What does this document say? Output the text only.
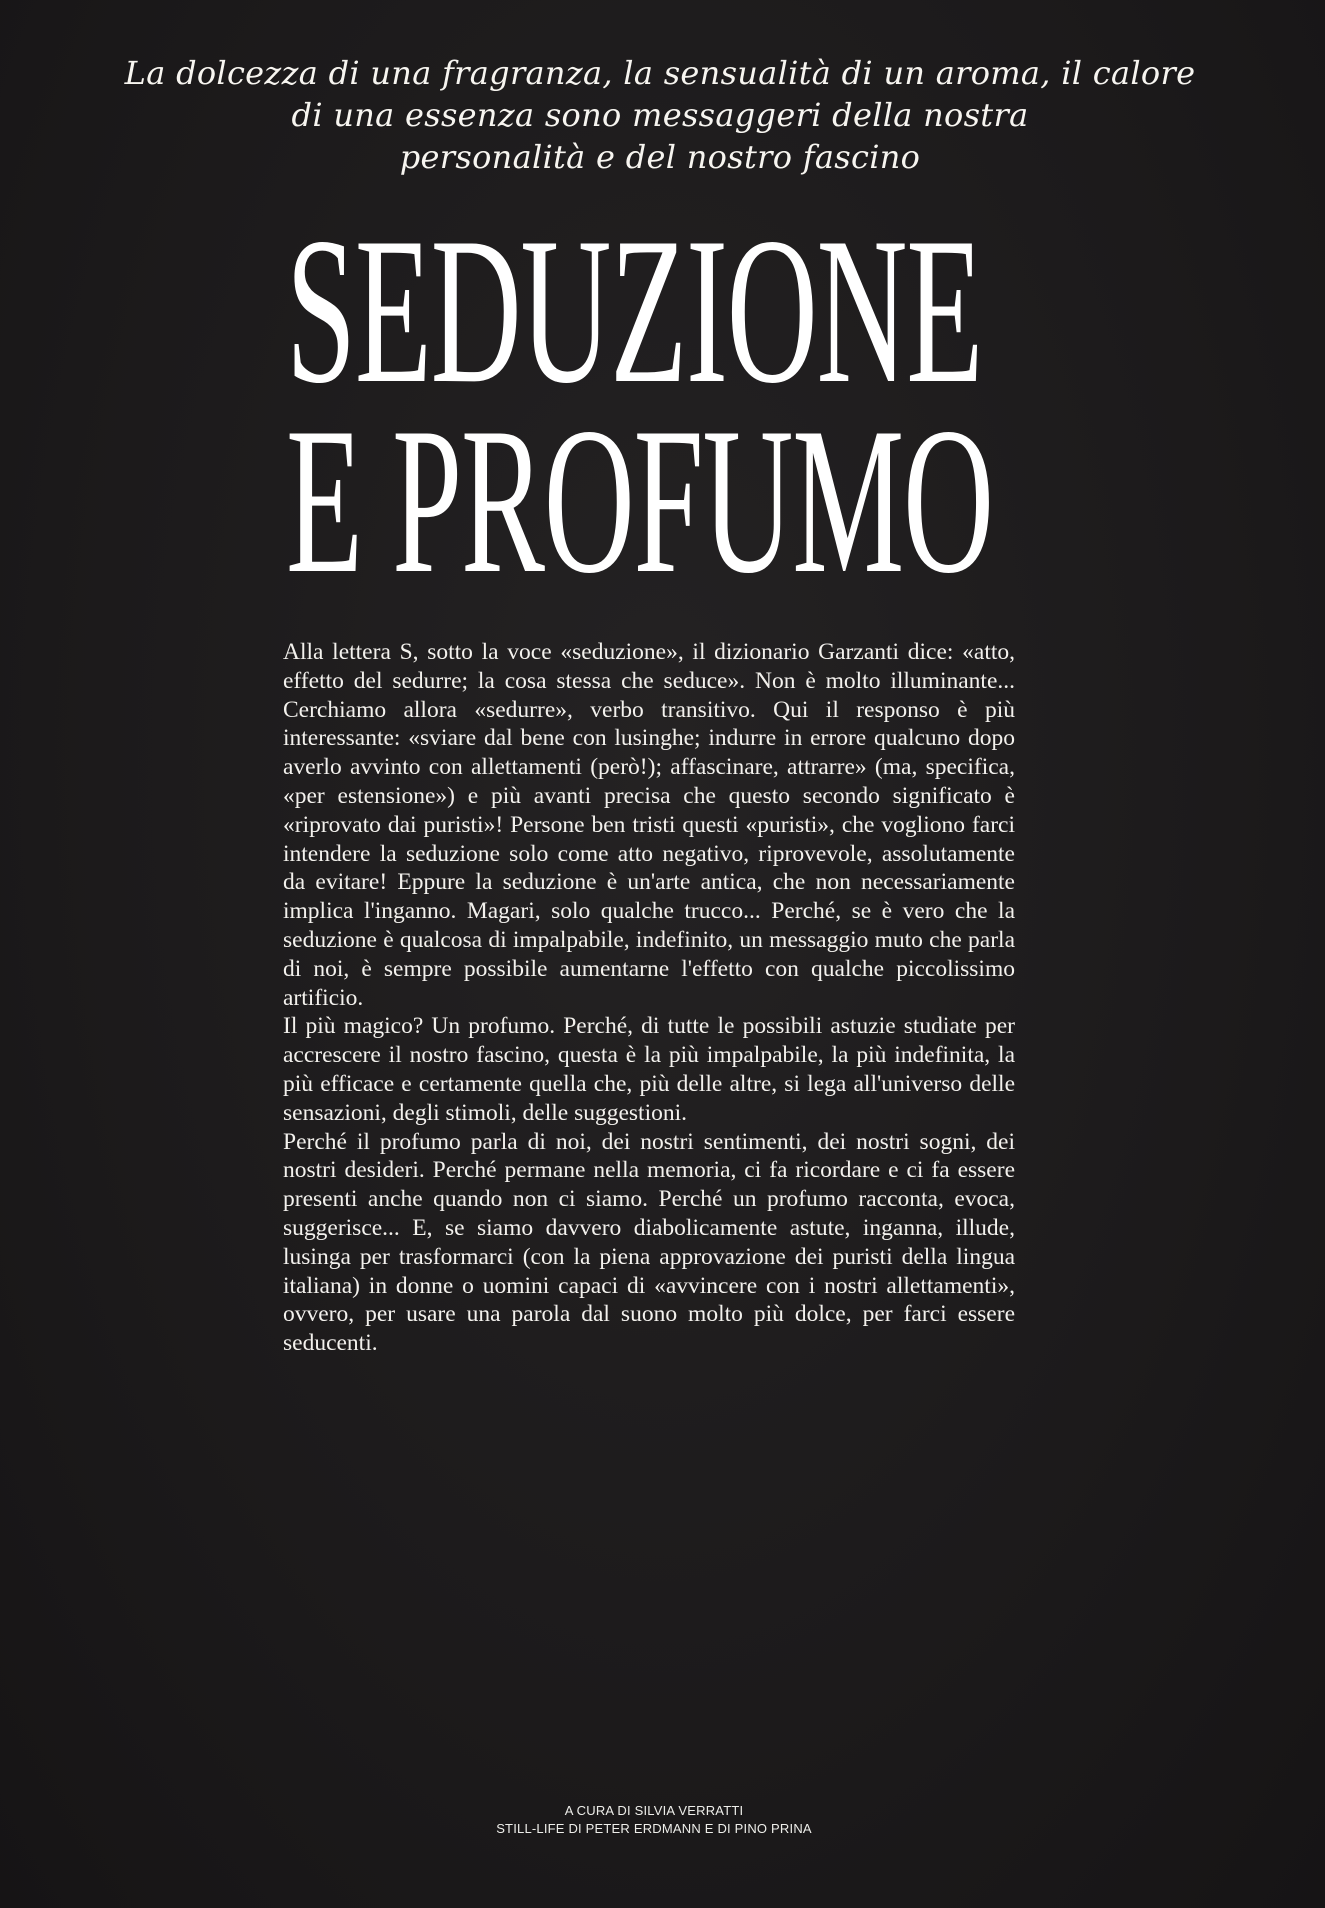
La dolcezza di una fragranza, la sensualità di un aroma, il calore
di una essenza sono messaggeri della nostra
personalità e del nostro fascino
SEDUZIONE
E PROFUMO

Alla lettera S, sotto la voce «seduzione», il dizionario Garzanti dice: «atto, effetto del sedurre; la cosa stessa che seduce». Non è molto illuminante... Cerchiamo allora «sedurre», verbo transitivo. Qui il responso è più interessante: «sviare dal bene con lusinghe; indurre in errore qualcuno dopo averlo avvinto con allettamenti (però!); affascinare, attrarre» (ma, specifica, «per estensione») e più avanti precisa che questo secondo significato è «riprovato dai puristi»! Persone ben tristi questi «puristi», che vogliono farci intendere la seduzione solo come atto negativo, riprovevole, assolutamente da evitare! Eppure la seduzione è un'arte antica, che non necessariamente implica l'inganno. Magari, solo qualche trucco... Perché, se è vero che la seduzione è qualcosa di impalpabile, indefinito, un messaggio muto che parla di noi, è sempre possibile aumentarne l'effetto con qualche piccolissimo artificio.

Il più magico? Un profumo. Perché, di tutte le possibili astuzie studiate per accrescere il nostro fascino, questa è la più impalpabile, la più indefinita, la più efficace e certamente quella che, più delle altre, si lega all'universo delle sensazioni, degli stimoli, delle suggestioni.

Perché il profumo parla di noi, dei nostri sentimenti, dei nostri sogni, dei nostri desideri. Perché permane nella memoria, ci fa ricordare e ci fa essere presenti anche quando non ci siamo. Perché un profumo racconta, evoca, suggerisce... E, se siamo davvero diabolicamente astute, inganna, illude, lusinga per trasformarci (con la piena approvazione dei puristi della lingua italiana) in donne o uomini capaci di «avvincere con i nostri allettamenti», ovvero, per usare una parola dal suono molto più dolce, per farci essere seducenti.

A CURA DI SILVIA VERRATTI
STILL-LIFE DI PETER ERDMANN E DI PINO PRINA
